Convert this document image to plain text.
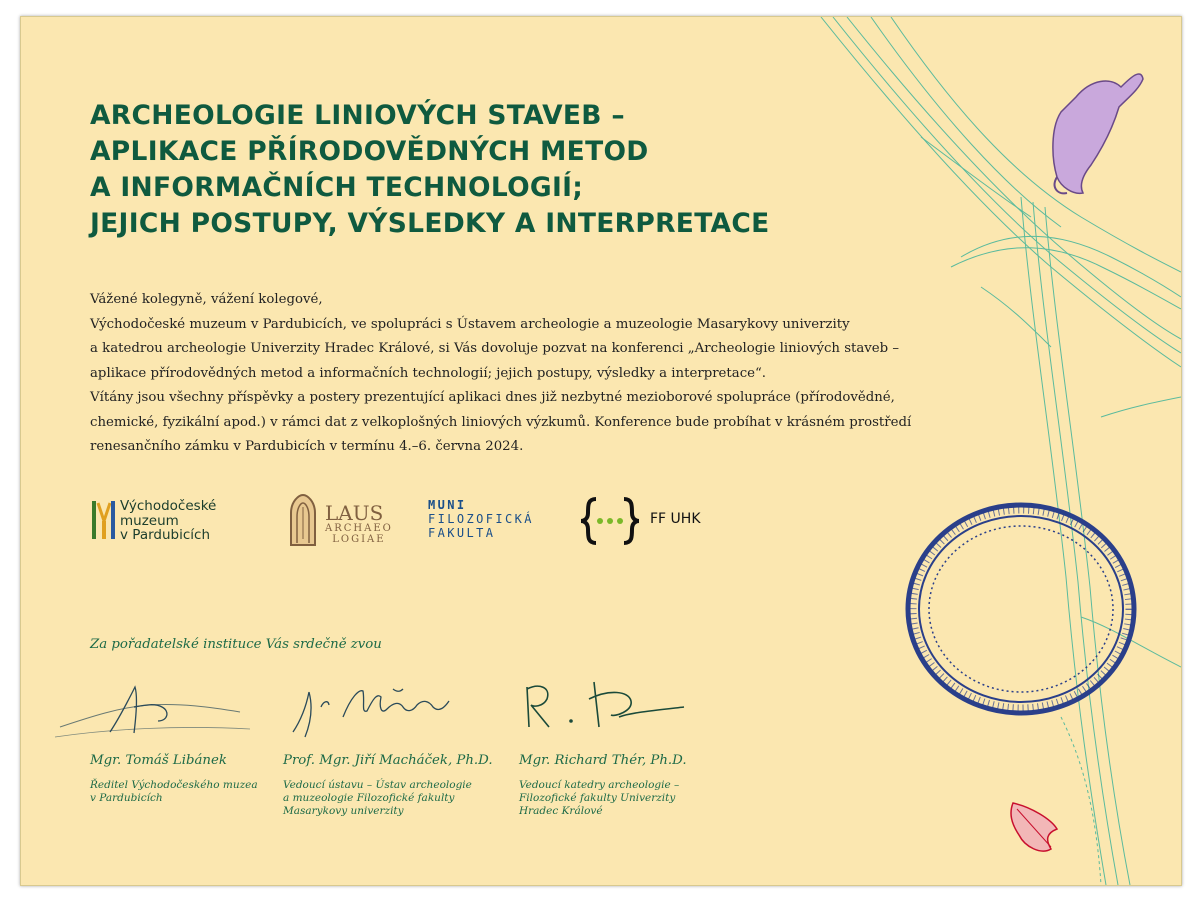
ARCHEOLOGIE LINIOVÝCH STAVEB –
APLIKACE PŘÍRODOVĚDNÝCH METOD
A INFORMAČNÍCH TECHNOLOGIÍ;
JEJICH POSTUPY, VÝSLEDKY A INTERPRETACE

Vážené kolegyně, vážení kolegové,

Východočeské muzeum v Pardubicích, ve spolupráci s Ústavem archeologie a muzeologie Masarykovy univerzity

a katedrou archeologie Univerzity Hradec Králové, si Vás dovoluje pozvat na konferenci „Archeologie liniových staveb –

aplikace přírodovědných metod a informačních technologií; jejich postupy, výsledky a interpretace“.

Vítány jsou všechny příspěvky a postery prezentující aplikaci dnes již nezbytné mezioborové spolupráce (přírodovědné,

chemické, fyzikální apod.) v rámci dat z velkoplošných liniových výzkumů. Konference bude probíhat v krásném prostředí

renesančního zámku v Pardubicích v termínu 4.–6. června 2024.

Východočeské
muzeum
v Pardubicích
LAUS
ARCHAEO
LOGIAE
MUNI
FILOZOFICKÁ
FAKULTA
FF UHK
Za pořadatelské instituce Vás srdečně zvou
Mgr. Tomáš Libánek
Ředitel Východočeského muzea
v Pardubicích
Prof. Mgr. Jiří Macháček, Ph.D.
Vedoucí ústavu – Ústav archeologie
a muzeologie Filozofické fakulty
Masarykovy univerzity
Mgr. Richard Thér, Ph.D.
Vedoucí katedry archeologie –
Filozofické fakulty Univerzity
Hradec Králové
